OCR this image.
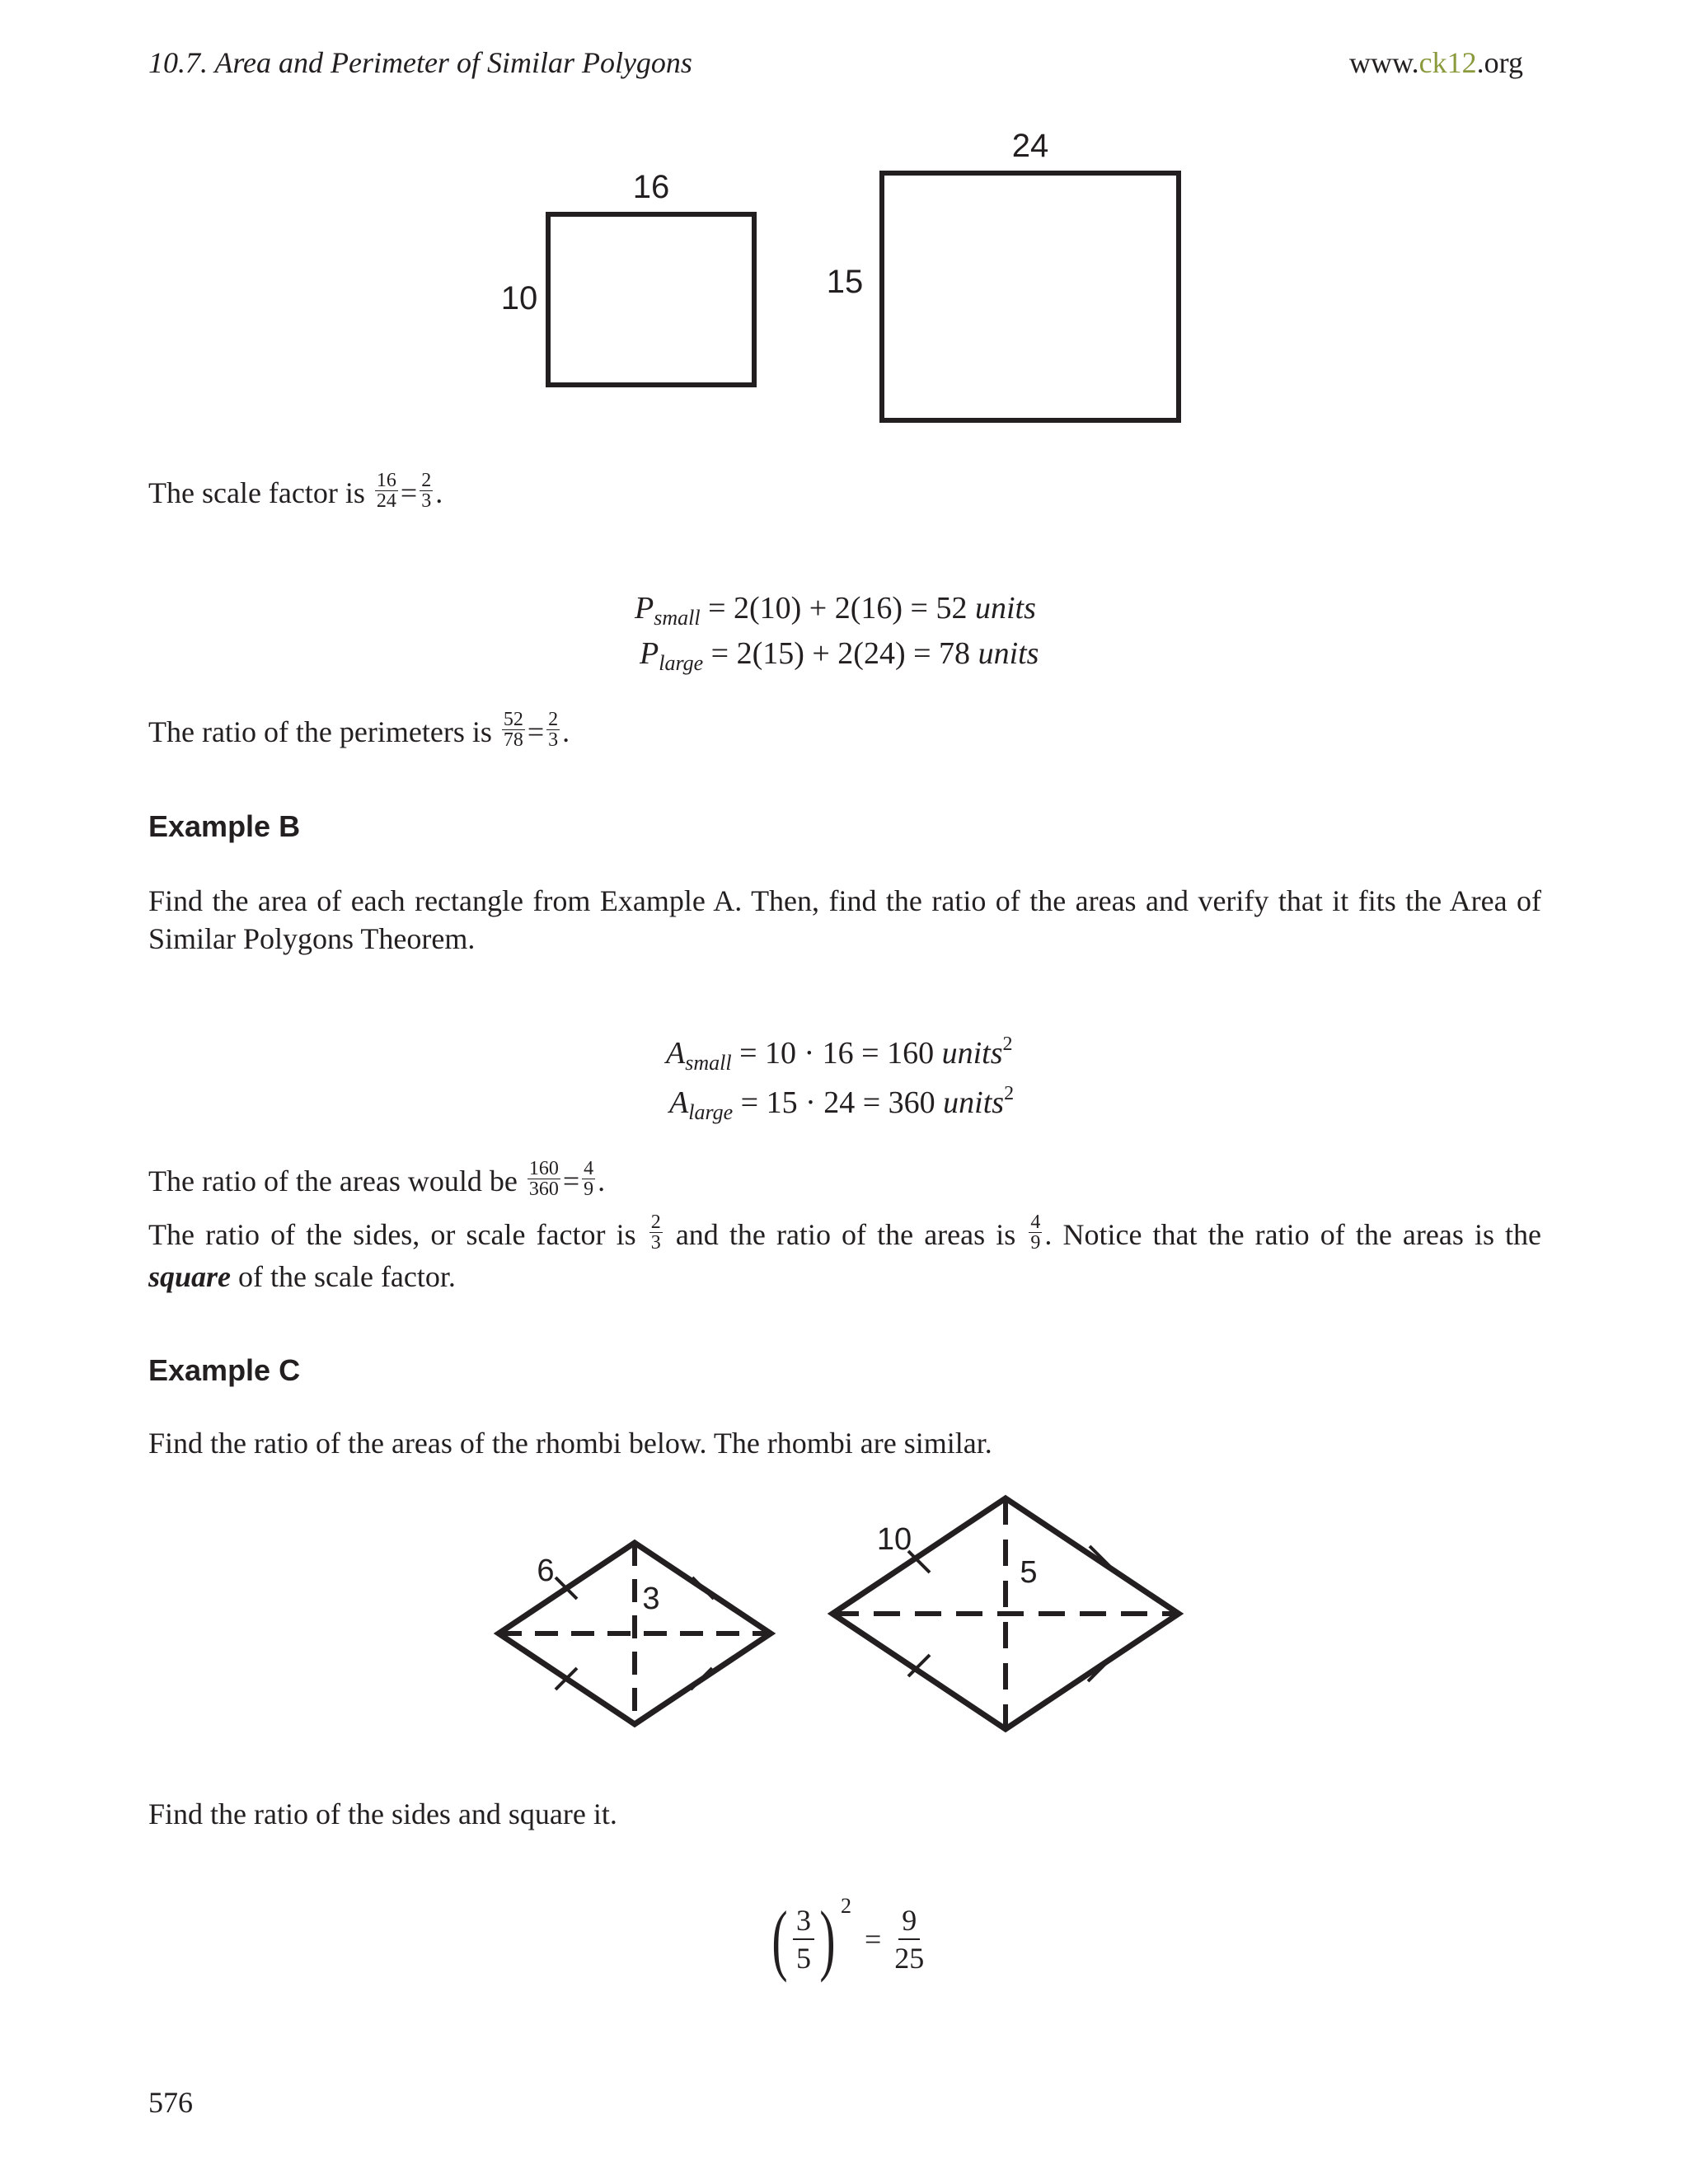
10.7. Area and Perimeter of Similar Polygons	www.ck12.org
16
10
24
15
The scale factor is $\frac{16}{24} = \frac{2}{3}$ .
$P_{small} = 2(10) + 2(16) = 52$ units
$P_{large} = 2(15) + 2(24) = 78$ units
The ratio of the perimeters is $\frac{52}{78} = \frac{2}{3}$ .
Example B
Find the area of each rectangle from Example A. Then, find the ratio of the areas and verify that it fits the Area of Similar Polygons Theorem.
$A_{small} = 10 \cdot 16 = 160$ units$^2$
$A_{large} = 15 \cdot 24 = 360$ units$^2$
The ratio of the areas would be $\frac{160}{360} = \frac{4}{9}$ .
The ratio of the sides, or scale factor is $\frac{2}{3}$ and the ratio of the areas is $\frac{4}{9}$ . Notice that the ratio of the areas is the square of the scale factor.
Example C
Find the ratio of the areas of the rhombi below. The rhombi are similar.
6
3
10
5
Find the ratio of the sides and square it.
( $\frac{3}{5}$ ) 2
= $\frac{9}{25}$
576
